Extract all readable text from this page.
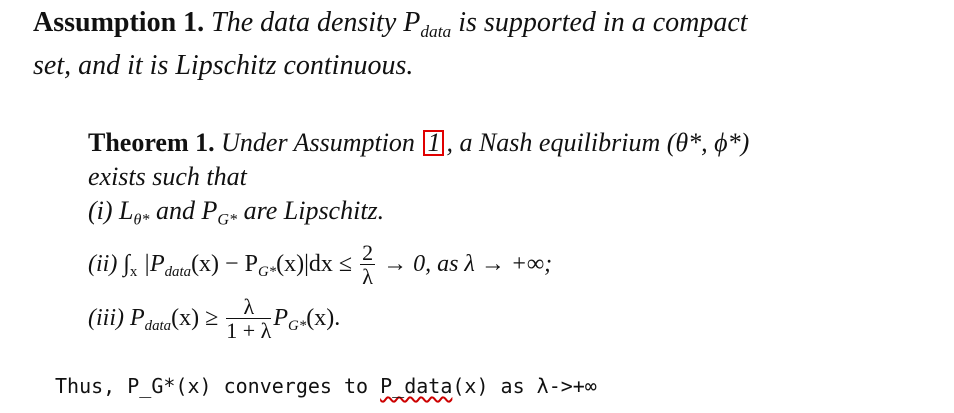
Assumption 1. The data density $P_{data}$ is supported in a compact
set, and it is Lipschitz continuous.
Theorem 1. Under Assumption 1 , a Nash equilibrium (θ*, ϕ*)
exists such that
(i) $L_{\theta*}$ and $P_{G*}$ are Lipschitz.
(ii) $\int_x$ $|P_{data}(x) - P_{G*}(x)|dx \le \frac{2}{\lambda} \to 0$, as λ → +∞;
(iii) $P_{data}(x) \ge \frac{\lambda}{1 + \lambda} P_{G*}(x)$.
Thus, P_G*(x) converges to P_data(x) as λ->+∞
